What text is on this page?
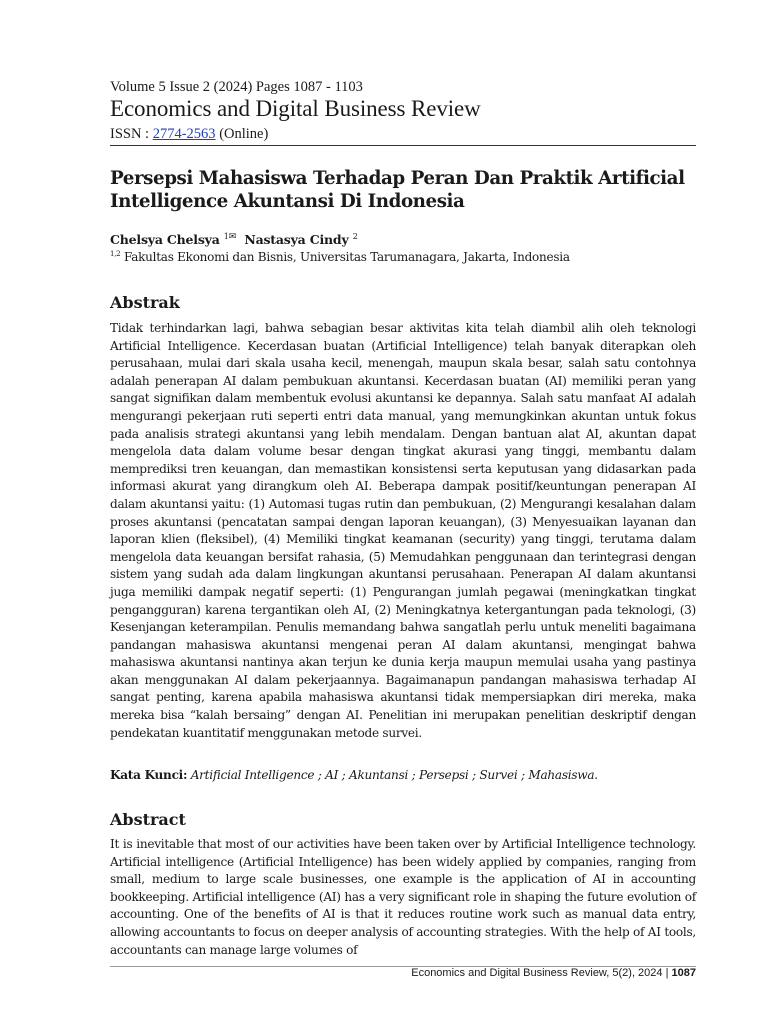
Volume 5 Issue 2 (2024) Pages 1087 - 1103
Economics and Digital Business Review
ISSN : 2774-2563 (Online)
Persepsi Mahasiswa Terhadap Peran Dan Praktik Artificial Intelligence Akuntansi Di Indonesia
Chelsya Chelsya $^{1✉}$ Nastasya Cindy $^2$
$^{1,2}$ Fakultas Ekonomi dan Bisnis, Universitas Tarumanagara, Jakarta, Indonesia
Abstrak

Tidak terhindarkan lagi, bahwa sebagian besar aktivitas kita telah diambil alih oleh teknologi Artificial Intelligence. Kecerdasan buatan (Artificial Intelligence) telah banyak diterapkan oleh perusahaan, mulai dari skala usaha kecil, menengah, maupun skala besar, salah satu contohnya adalah penerapan AI dalam pembukuan akuntansi. Kecerdasan buatan (AI) memiliki peran yang sangat signifikan dalam membentuk evolusi akuntansi ke depannya. Salah satu manfaat AI adalah mengurangi pekerjaan ruti seperti entri data manual, yang memungkinkan akuntan untuk fokus pada analisis strategi akuntansi yang lebih mendalam. Dengan bantuan alat AI, akuntan dapat mengelola data dalam volume besar dengan tingkat akurasi yang tinggi, membantu dalam memprediksi tren keuangan, dan memastikan konsistensi serta keputusan yang didasarkan pada informasi akurat yang dirangkum oleh AI. Beberapa dampak positif/keuntungan penerapan AI dalam akuntansi yaitu: (1) Automasi tugas rutin dan pembukuan, (2) Mengurangi kesalahan dalam proses akuntansi (pencatatan sampai dengan laporan keuangan), (3) Menyesuaikan layanan dan laporan klien (fleksibel), (4) Memiliki tingkat keamanan (security) yang tinggi, terutama dalam mengelola data keuangan bersifat rahasia, (5) Memudahkan penggunaan dan terintegrasi dengan sistem yang sudah ada dalam lingkungan akuntansi perusahaan. Penerapan AI dalam akuntansi juga memiliki dampak negatif seperti: (1) Pengurangan jumlah pegawai (meningkatkan tingkat pengangguran) karena tergantikan oleh AI, (2) Meningkatnya ketergantungan pada teknologi, (3) Kesenjangan keterampilan. Penulis memandang bahwa sangatlah perlu untuk meneliti bagaimana pandangan mahasiswa akuntansi mengenai peran AI dalam akuntansi, mengingat bahwa mahasiswa akuntansi nantinya akan terjun ke dunia kerja maupun memulai usaha yang pastinya akan menggunakan AI dalam pekerjaannya. Bagaimanapun pandangan mahasiswa terhadap AI sangat penting, karena apabila mahasiswa akuntansi tidak mempersiapkan diri mereka, maka mereka bisa “kalah bersaing” dengan AI. Penelitian ini merupakan penelitian deskriptif dengan pendekatan kuantitatif menggunakan metode survei.

Kata Kunci: Artificial Intelligence ; AI ; Akuntansi ; Persepsi ; Survei ; Mahasiswa.
Abstract

It is inevitable that most of our activities have been taken over by Artificial Intelligence technology. Artificial intelligence (Artificial Intelligence) has been widely applied by companies, ranging from small, medium to large scale businesses, one example is the application of AI in accounting bookkeeping. Artificial intelligence (AI) has a very significant role in shaping the future evolution of accounting. One of the benefits of AI is that it reduces routine work such as manual data entry, allowing accountants to focus on deeper analysis of accounting strategies. With the help of AI tools, accountants can manage large volumes of

Economics and Digital Business Review, 5(2), 2024 | 1087
